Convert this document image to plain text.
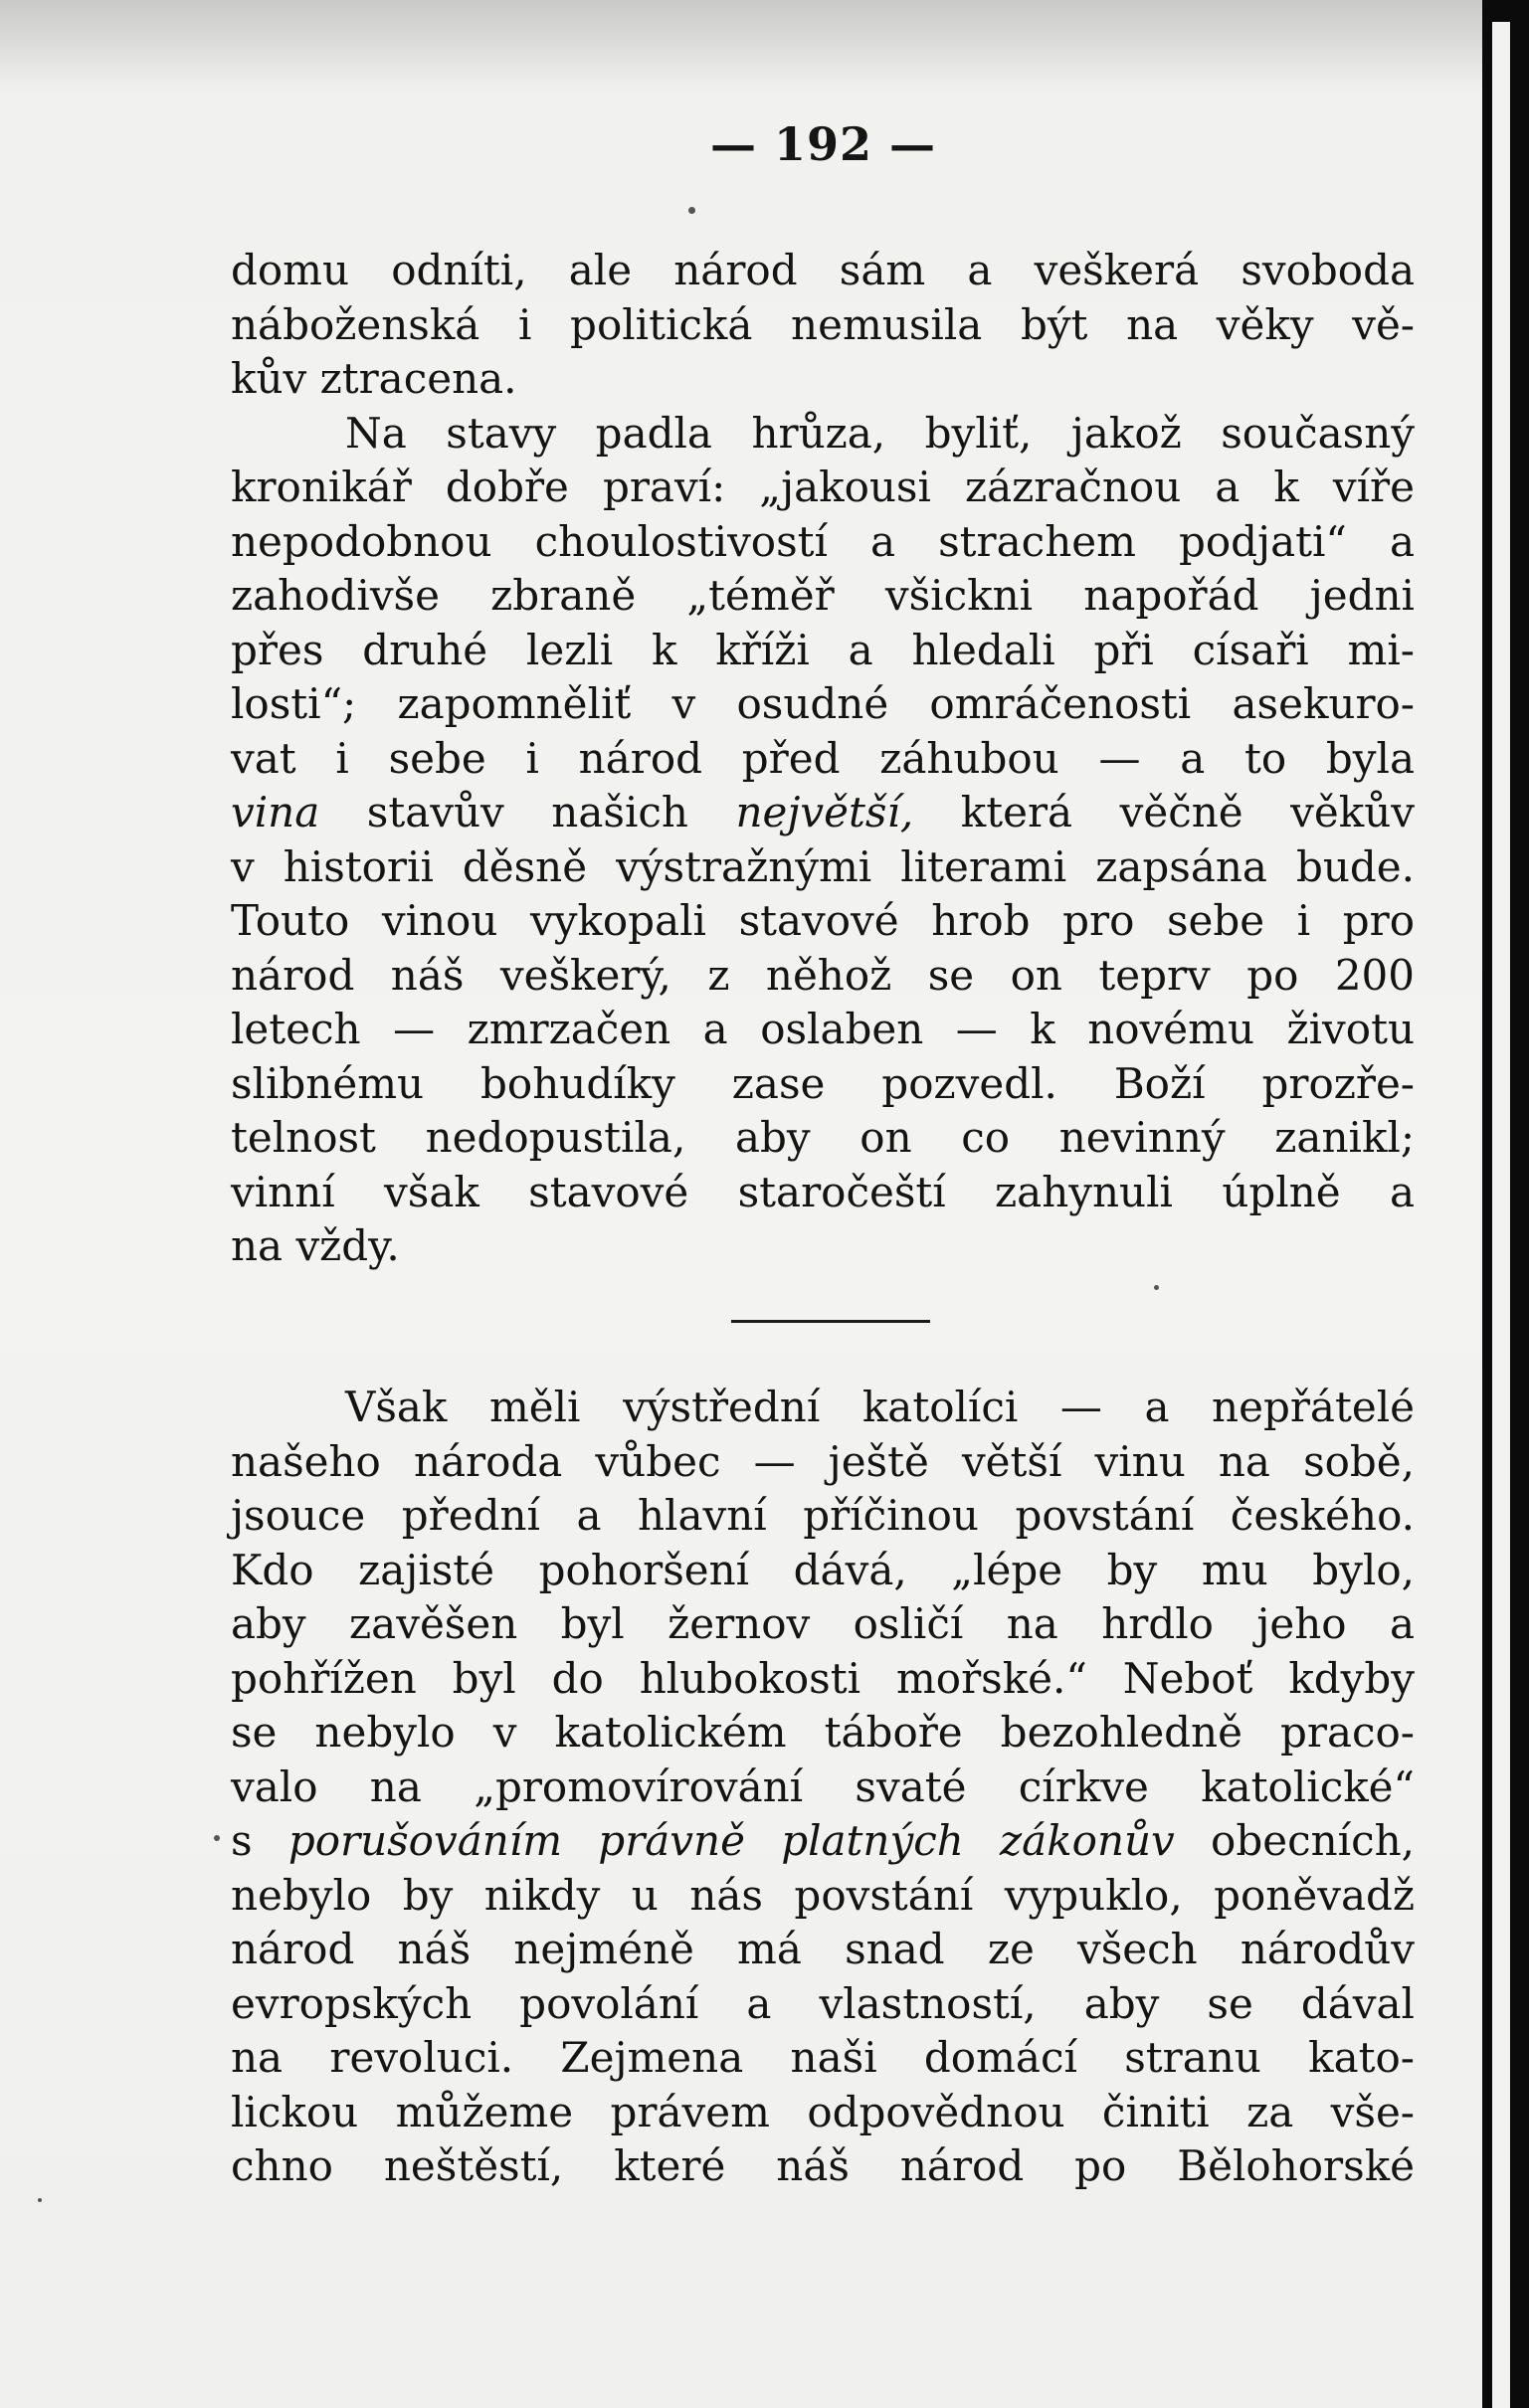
— 192 —
domu odníti, ale národ sám a veškerá svoboda
náboženská i politická nemusila být na věky vě-
kův ztracena.
Na stavy padla hrůza, byliť, jakož současný
kronikář dobře praví: „jakousi zázračnou a k víře
nepodobnou choulostivostí a strachem podjati“ a
zahodivše zbraně „téměř všickni napořád jedni
přes druhé lezli k kříži a hledali při císaři mi-
losti“; zapomněliť v osudné omráčenosti asekuro-
vat i sebe i národ před záhubou — a to byla
vina stavův našich největší, která věčně věkův
v historii děsně výstražnými literami zapsána bude.
Touto vinou vykopali stavové hrob pro sebe i pro
národ náš veškerý, z něhož se on teprv po 200
letech — zmrzačen a oslaben — k novému životu
slibnému bohudíky zase pozvedl. Boží prozře-
telnost nedopustila, aby on co nevinný zanikl;
vinní však stavové staročeští zahynuli úplně a
na vždy.
Však měli výstřední katolíci — a nepřátelé
našeho národa vůbec — ještě větší vinu na sobě,
jsouce přední a hlavní příčinou povstání českého.
Kdo zajisté pohoršení dává, „lépe by mu bylo,
aby zavěšen byl žernov osličí na hrdlo jeho a
pohřížen byl do hlubokosti mořské.“ Neboť kdyby
se nebylo v katolickém táboře bezohledně praco-
valo na „promovírování svaté církve katolické“
s porušováním právně platných zákonův obecních,
nebylo by nikdy u nás povstání vypuklo, poněvadž
národ náš nejméně má snad ze všech národův
evropských povolání a vlastností, aby se dával
na revoluci. Zejmena naši domácí stranu kato-
lickou můžeme právem odpovědnou činiti za vše-
chno neštěstí, které náš národ po Bělohorské
